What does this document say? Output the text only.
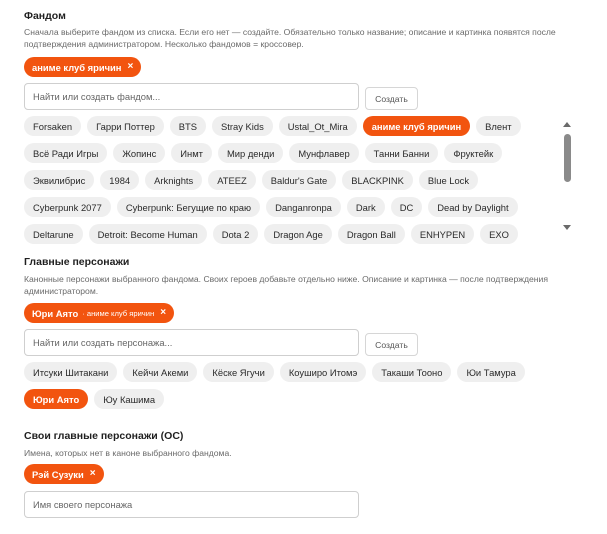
Фандом
Сначала выберите фандом из списка. Если его нет — создайте. Обязательно только название; описание и картинка появятся после подтверждения администратором. Несколько фандомов = кроссовер.
аниме клуб яричин ×
Найти или создать фандом...
Создать
Forsaken	Гарри Поттер	BTS	Stray Kids	Ustal_Ot_Mira	аниме клуб яричин	Влент
Всё Ради Игры	Жопинс	Инмт	Мир денди	Мунфлавер	Танни Банни	Фруктейк
Эквилибрис	1984	Arknights	ATEEZ	Baldur's Gate	BLACKPINK	Blue Lock
Cyberpunk 2077	Cyberpunk: Бегущие по краю	Danganronpa	Dark	DC	Dead by Daylight
Deltarune	Detroit: Become Human	Dota 2	Dragon Age	Dragon Ball	ENHYPEN	EXO
Главные персонажи
Канонные персонажи выбранного фандома. Своих героев добавьте отдельно ниже. Описание и картинка — после подтверждения администратором.
Юри Аято · аниме клуб яричин ×
Найти или создать персонажа...
Создать
Итсуки Шитакани	Кейчи Акеми	Кёске Ягучи	Коуширо Итомэ	Такаши Тооно	Юи Тамура
Юри Аято	Юу Кашима
Свои главные персонажи (ОС)
Имена, которых нет в каноне выбранного фандома.
Рэй Сузуки ×
Имя своего персонажа
